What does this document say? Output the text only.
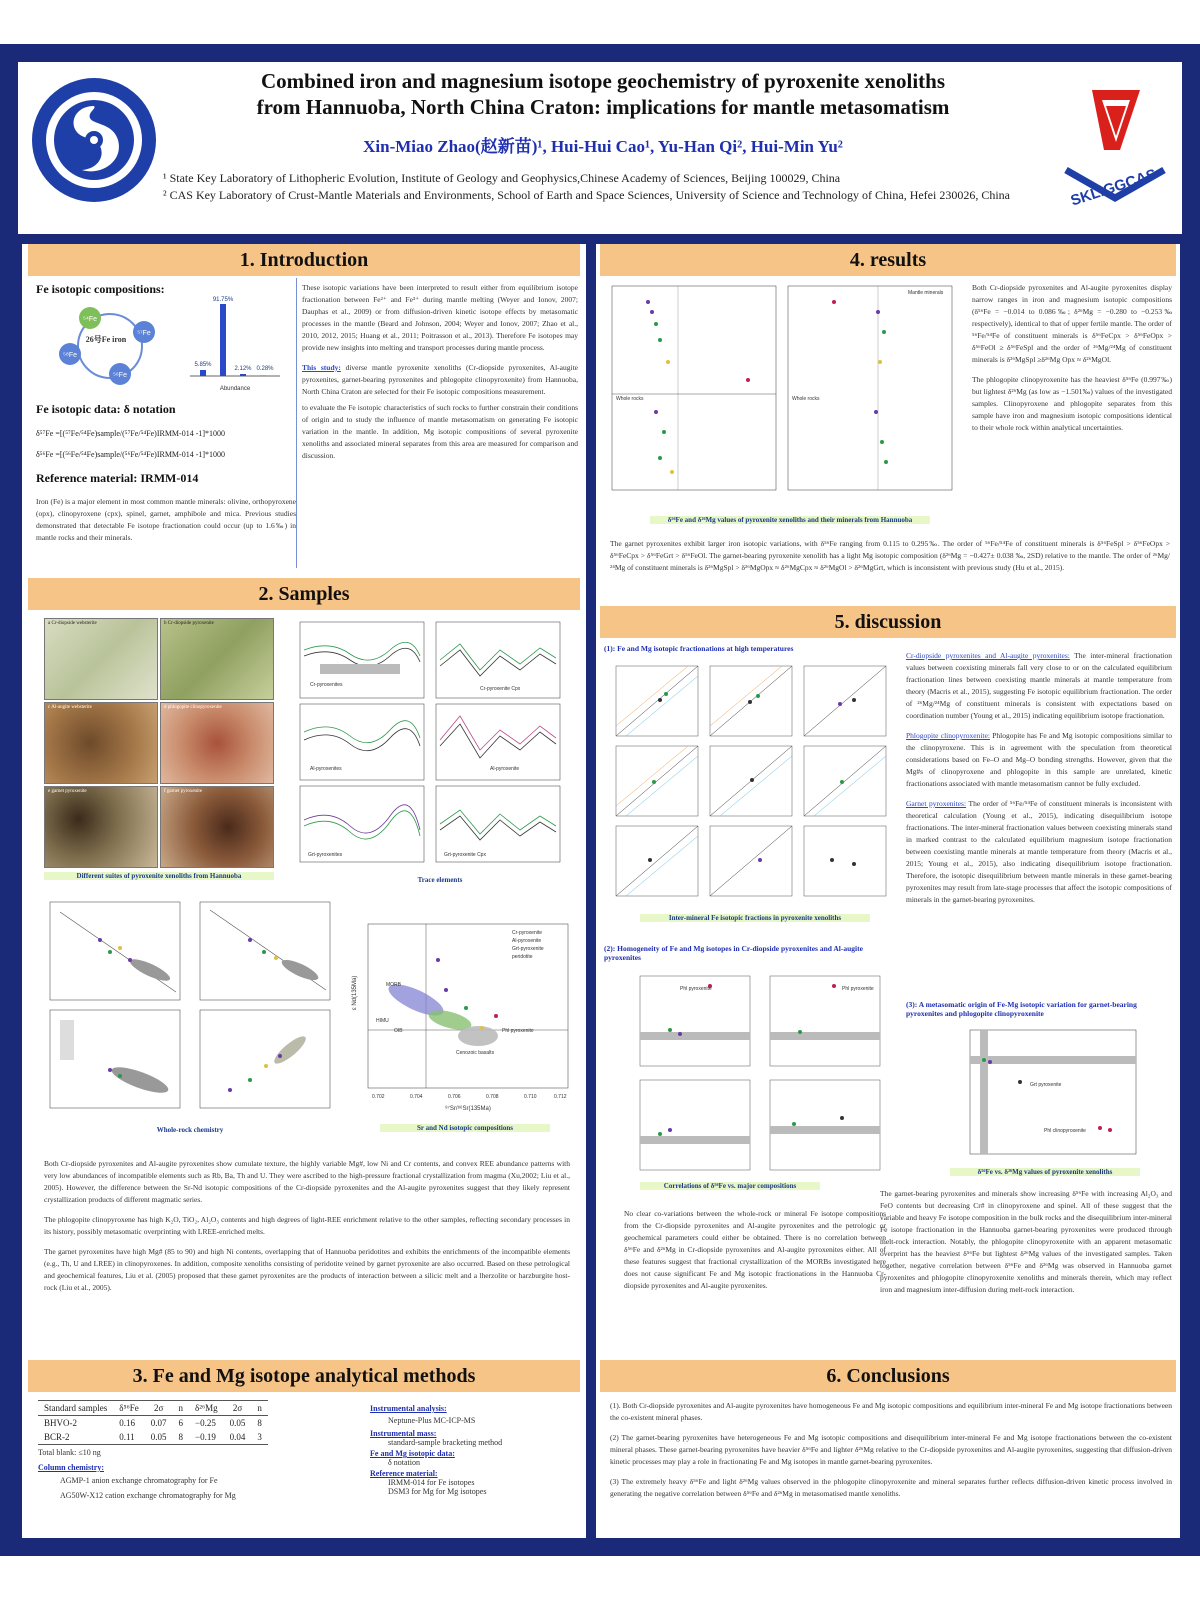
Combined iron and magnesium isotope geochemistry of pyroxenite xenoliths
from Hannuoba, North China Craton: implications for mantle metasomatism
Xin-Miao Zhao(赵新苗)¹, Hui-Hui Cao¹, Yu-Han Qi², Hui-Min Yu²
¹ State Key Laboratory of Lithopheric Evolution, Institute of Geology and Geophysics,Chinese Academy of Sciences, Beijing 100029, China
² CAS Key Laboratory of Crust-Mantle Materials and Environments, School of Earth and Space Sciences, University of Science and Technology of China, Hefei 230026, China	SKLIGGCAS
1. Introduction
Fe isotopic compositions:
⁵⁴Fe
⁵⁷Fe
⁵⁸Fe
⁵⁶Fe
26号Fe iron
5.85%
91.75%
2.12% 0.28%
Abundance
Fe isotopic data: δ notation
δ⁵⁷Fe =[(⁵⁷Fe/⁵⁴Fe)sample/(⁵⁷Fe/⁵⁴Fe)IRMM-014 -1]*1000
δ⁵⁶Fe =[(⁵⁶Fe/⁵⁴Fe)sample/(⁵⁶Fe/⁵⁴Fe)IRMM-014 -1]*1000
Reference material: IRMM-014
Iron (Fe) is a major element in most common mantle minerals: olivine, orthopyroxene (opx), clinopyroxene (cpx), spinel, garnet, amphibole and mica. Previous studies demonstrated that detectable Fe isotope fractionation could occur (up to 1.6‰) in mantle rocks and their minerals.
These isotopic variations have been interpreted to result either from equilibrium isotope fractionation between Fe²⁺ and Fe³⁺ during mantle melting (Weyer and Ionov, 2007; Dauphas et al., 2009) or from diffusion-driven kinetic isotope effects by metasomatic processes in the mantle (Beard and Johnson, 2004; Weyer and Ionov, 2007; Zhao et al., 2010, 2012, 2015; Huang et al., 2011; Poitrasson et al., 2013). Therefore Fe isotopes may provide new insights into melting and transport processes during mantle process.
This study: diverse mantle pyroxenite xenoliths (Cr-diopside pyroxenites, Al-augite pyroxenites, garnet-bearing pyroxenites and phlogopite clinopyroxenite) from Hannuoba, North China Craton are selected for their Fe isotopic compositions measurement.
to evaluate the Fe isotopic characteristics of such rocks to further constrain their conditions of origin and to study the influence of mantle metasomatism on generating Fe isotopic variation in the mantle. In addition, Mg isotopic compositions of several pyroxenite xenoliths and associated mineral separates from this area are measured for comparison and discussion.
2. Samples
a Cr-diopside websterite	b Cr-diopside pyroxenite
c Al-augite websterite	d phlogopite clinopyroxenite
e garnet pyroxenite	f garnet pyroxenite
Different suites of pyroxenite xenoliths from Hannuoba
Cr-pyroxenites
Cr-pyroxenite Cpx
Al-pyroxenites	Al-pyroxenite
Grt-pyroxenites	Grt-pyroxenite Cpx
Trace elements
Whole-rock chemistry
Cr-pyroxenite
Al-pyroxenite
Grt-pyroxenite
peridotite
MORB
HIMU
OIB	Phl pyroxenite
Cenozoic basalts
ε Nd(135Ma)
⁸⁷Sr/⁸⁶Sr(135Ma)
0.702	0.704	0.706	0.708	0.710	0.712
Sr and Nd isotopic compositions
Both Cr-diopside pyroxenites and Al-augite pyroxenites show cumulate texture, the highly variable Mg#, low Ni and Cr contents, and convex REE abundance patterns with very low abundances of incompatible elements such as Rb, Ba, Th and U. They were ascribed to the high-pressure fractional crystallization from magma (Xu,2002; Liu et al., 2005). However, the difference between the Sr-Nd isotopic compositions of the Cr-diopside pyroxenites and the Al-augite pyroxenites suggest that they likely represent crystallization products of different magmatic series.
The phlogopite clinopyroxene has high K₂O, TiO₂, Al₂O₃ contents and high degrees of light-REE enrichment relative to the other samples, reflecting secondary processes in its history, possibly metasomatic overprinting with LREE-enriched melts.
The garnet pyroxenites have high Mg# (85 to 90) and high Ni contents, overlapping that of Hannuoba peridotites and exhibits the enrichments of the incompatible elements (e.g., Th, U and LREE) in clinopyroxenes. In addition, composite xenoliths consisting of peridotite veined by garnet pyroxenite are also occurred. Based on these petrological and geochemical features, Liu et al. (2005) proposed that these garnet pyroxenites are the products of interaction between a silicic melt and a lherzolite or harzburgite host-rock (Liu et al., 2005).
3. Fe and Mg isotope analytical methods
Standard samples	δ⁵⁶Fe	2σ	n	δ²⁶Mg	2σ	n
BHVO-2	0.16	0.07	6	−0.25	0.05	8
BCR-2	0.11	0.05	8	−0.19	0.04	3
Total blank: ≤10 ng
Column chemistry:
AGMP-1 anion exchange chromatography for Fe
AG50W-X12 cation exchange chromatography for Mg
Instrumental analysis:
Neptune-Plus MC-ICP-MS
Instrumental mass:
standard-sample bracketing method
Fe and Mg isotopic data:
δ notation
Reference material:
IRMM-014 for Fe isotopes
DSM3 for Mg for Mg isotopes
4. results
Whole rocks
Mantle minerals
Whole rocks
δ⁵⁶Fe and δ²⁶Mg values of pyroxenite xenoliths and their minerals from Hannuoba
Both Cr-diopside pyroxenites and Al-augite pyroxenites display narrow ranges in iron and magnesium isotopic compositions (δ⁵⁶Fe = −0.014 to 0.086‰; δ²⁶Mg = −0.280 to −0.253‰ respectively), identical to that of upper fertile mantle. The order of ⁵⁶Fe/⁵⁴Fe of constituent minerals is δ⁵⁶FeCpx > δ⁵⁶FeOpx > δ⁵⁶FeOl ≥ δ⁵⁶FeSpl and the order of ²⁶Mg/²⁴Mg of constituent minerals is δ²⁶MgSpl ≥δ²⁶Mg Opx ≈ δ²⁶MgOl.
The phlogopite clinopyroxenite has the heaviest δ⁵⁶Fe (0.997‰) but lightest δ²⁶Mg (as low as −1.501‰) values of the investigated samples. Clinopyroxene and phlogopite separates from this sample have iron and magnesium isotopic compositions identical to their whole rock within analytical uncertainties.
The garnet pyroxenites exhibit larger iron isotopic variations, with δ⁵⁶Fe ranging from 0.115 to 0.295‰. The order of ⁵⁶Fe/⁵⁴Fe of constituent minerals is δ⁵⁶FeSpl > δ⁵⁶FeOpx > δ⁵⁶FeCpx > δ⁵⁶FeGrt > δ⁵⁶FeOl. The garnet-bearing pyroxenite xenolith has a light Mg isotopic composition (δ²⁶Mg = −0.427± 0.038 ‰, 2SD) relative to the mantle. The order of ²⁶Mg/²⁴Mg of constituent minerals is δ²⁶MgSpl > δ²⁶MgOpx ≈ δ²⁶MgCpx ≈ δ²⁶MgOl > δ²⁶MgGrt, which is inconsistent with previous study (Hu et al., 2015).
5. discussion
(1): Fe and Mg isotopic fractionations at high temperatures
Inter-mineral Fe isotopic fractions in pyroxenite xenoliths
(2): Homogeneity of Fe and Mg isotopes in Cr-diopside pyroxenites and Al-augite pyroxenites
Phl pyroxenite	Phl pyroxenite
Correlations of δ⁵⁶Fe vs. major compositions
No clear co-variations between the whole-rock or mineral Fe isotope compositions from the Cr-diopside pyroxenites and Al-augite pyroxenites and the petrologic or geochemical parameters could either be obtained. There is no correlation between δ⁵⁶Fe and δ²⁶Mg in Cr-diopside pyroxenites and Al-augite pyroxenites either. All of these features suggest that fractional crystallization of the MORBs investigated here does not cause significant Fe and Mg isotopic fractionations in the Hannuoba Cr-diopside pyroxenites and Al-augite pyroxenites.
Cr-diopside pyroxenites and Al-augite pyroxenites: The inter-mineral fractionation values between coexisting minerals fall very close to or on the calculated equilibrium fractionation lines between coexisting mantle minerals at mantle temperature from theory (Macris et al., 2015), suggesting Fe isotopic equilibrium fractionation. The order of ²⁶Mg/²⁴Mg of constituent minerals is consistent with expectations based on coordination number (Young et al., 2015) indicating equilibrium isotope fractionation.
Phlogopite clinopyroxenite: Phlogopite has Fe and Mg isotopic compositions similar to the clinopyroxene. This is in agreement with the speculation from theoretical considerations based on Fe–O and Mg–O bonding strengths. However, given that the Mg#s of clinopyroxene and phlogopite in this sample are unrelated, kinetic fractionations associated with mantle metasomatism cannot be fully excluded.
Garnet pyroxenites: The order of ⁵⁶Fe/⁵⁴Fe of constituent minerals is inconsistent with theoretical calculation (Young et al., 2015), indicating disequilibrium isotope fractionations. The inter-mineral fractionation values between coexisting minerals stand in marked contrast to the calculated equilibrium magnesium isotope fractionation between coexisting mantle minerals at mantle temperature from theory (Macris et al., 2015; Young et al., 2015), also indicating disequilibrium isotope fractionation. Therefore, the isotopic disequilibrium between mantle minerals in these garnet-bearing pyroxenites may result from late-stage processes that affect the isotopic compositions of minerals in the garnet-bearing pyroxenites.
(3): A metasomatic origin of Fe-Mg isotopic variation for garnet-bearing pyroxenites and phlogopite clinopyroxenite
Grt pyroxenite
Phl clinopyroxenite
δ⁵⁶Fe vs. δ²⁶Mg values of pyroxenite xenoliths
The garnet-bearing pyroxenites and minerals show increasing δ⁵⁶Fe with increasing Al₂O₃ and FeO contents but decreasing Cr# in clinopyroxene and spinel. All of these suggest that the variable and heavy Fe isotope composition in the bulk rocks and the disequilibrium inter-mineral Fe isotope fractionation in the Hannuoba garnet-bearing pyroxenites were produced through melt-rock interaction. Notably, the phlogopite clinopyroxenite with an apparent metasomatic overprint has the heaviest δ⁵⁶Fe but lightest δ²⁶Mg values of the investigated samples. Taken together, negative correlation between δ⁵⁶Fe and δ²⁶Mg was observed in Hannuoba garnet pyroxenites and phlogopite clinopyroxenite xenoliths and minerals therein, which may reflect iron and magnesium inter-diffusion during melt-rock interaction.
6. Conclusions
(1). Both Cr-diopside pyroxenites and Al-augite pyroxenites have homogeneous Fe and Mg isotopic compositions and equilibrium inter-mineral Fe and Mg isotope fractionations between the co-existent mineral phases.
(2) The garnet-bearing pyroxenites have heterogeneous Fe and Mg isotopic compositions and disequilibrium inter-mineral Fe and Mg isotope fractionations between the co-existent mineral phases. These garnet-bearing pyroxenites have heavier δ⁵⁶Fe and lighter δ²⁶Mg relative to the Cr-diopside pyroxenites and Al-augite pyroxenites, suggesting that diffusion-driven kinetic processes may play a role in fractionating Fe and Mg isotopes in mantle garnet-bearing pyroxenites.
(3) The extremely heavy δ⁵⁶Fe and light δ²⁶Mg values observed in the phlogopite clinopyroxenite and mineral separates further reflects diffusion-driven kinetic process involved in generating the negative correlation between δ⁵⁶Fe and δ²⁶Mg in metasomatised mantle xenoliths.
